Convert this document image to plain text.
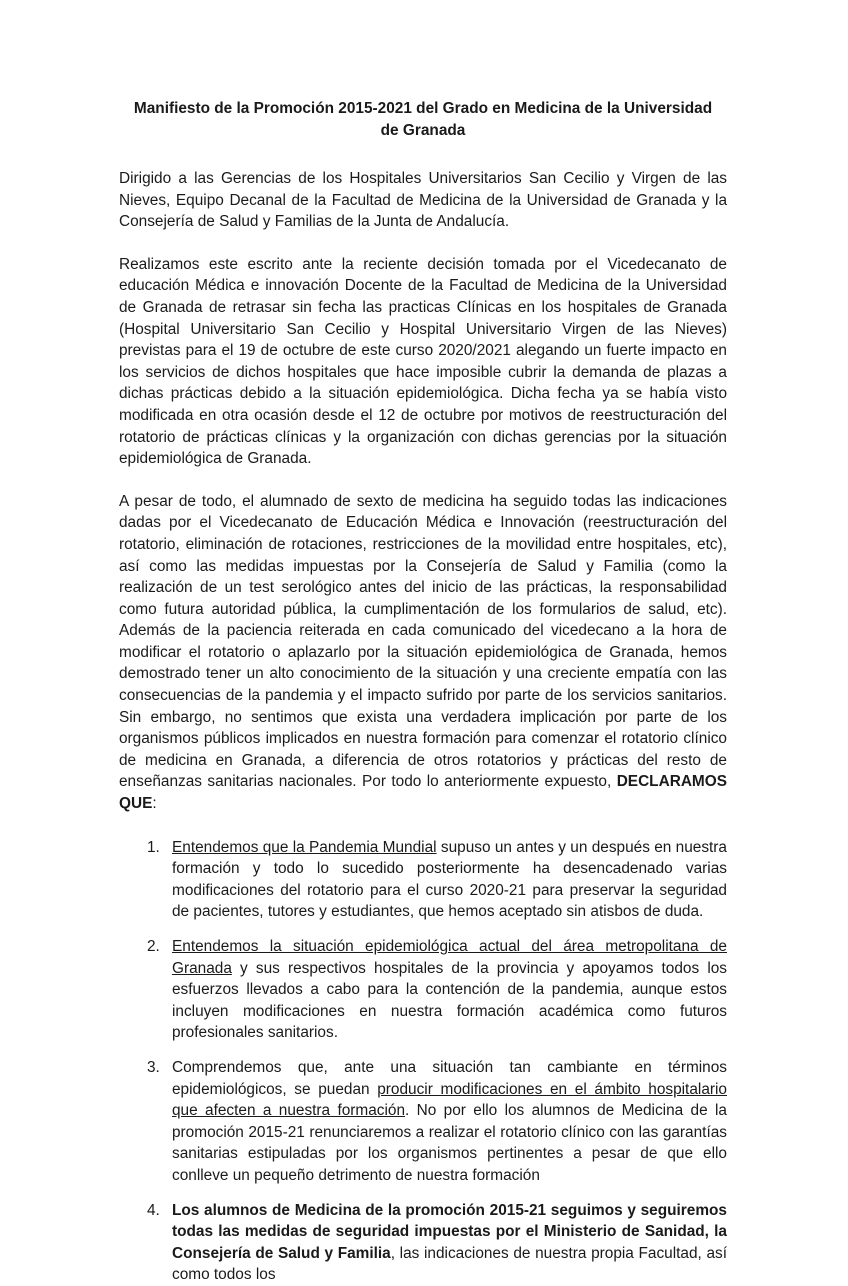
Manifiesto de la Promoción 2015-2021 del Grado en Medicina de la Universidad de Granada

Dirigido a las Gerencias de los Hospitales Universitarios San Cecilio y Virgen de las Nieves, Equipo Decanal de la Facultad de Medicina de la Universidad de Granada y la Consejería de Salud y Familias de la Junta de Andalucía.

Realizamos este escrito ante la reciente decisión tomada por el Vicedecanato de educación Médica e innovación Docente de la Facultad de Medicina de la Universidad de Granada de retrasar sin fecha las practicas Clínicas en los hospitales de Granada (Hospital Universitario San Cecilio y Hospital Universitario Virgen de las Nieves) previstas para el 19 de octubre de este curso 2020/2021 alegando un fuerte impacto en los servicios de dichos hospitales que hace imposible cubrir la demanda de plazas a dichas prácticas debido a la situación epidemiológica. Dicha fecha ya se había visto modificada en otra ocasión desde el 12 de octubre por motivos de reestructuración del rotatorio de prácticas clínicas y la organización con dichas gerencias por la situación epidemiológica de Granada.

A pesar de todo, el alumnado de sexto de medicina ha seguido todas las indicaciones dadas por el Vicedecanato de Educación Médica e Innovación (reestructuración del rotatorio, eliminación de rotaciones, restricciones de la movilidad entre hospitales, etc), así como las medidas impuestas por la Consejería de Salud y Familia (como la realización de un test serológico antes del inicio de las prácticas, la responsabilidad como futura autoridad pública, la cumplimentación de los formularios de salud, etc). Además de la paciencia reiterada en cada comunicado del vicedecano a la hora de modificar el rotatorio o aplazarlo por la situación epidemiológica de Granada, hemos demostrado tener un alto conocimiento de la situación y una creciente empatía con las consecuencias de la pandemia y el impacto sufrido por parte de los servicios sanitarios. Sin embargo, no sentimos que exista una verdadera implicación por parte de los organismos públicos implicados en nuestra formación para comenzar el rotatorio clínico de medicina en Granada, a diferencia de otros rotatorios y prácticas del resto de enseñanzas sanitarias nacionales. Por todo lo anteriormente expuesto, DECLARAMOS QUE:

1. Entendemos que la Pandemia Mundial supuso un antes y un después en nuestra formación y todo lo sucedido posteriormente ha desencadenado varias modificaciones del rotatorio para el curso 2020-21 para preservar la seguridad de pacientes, tutores y estudiantes, que hemos aceptado sin atisbos de duda.
2. Entendemos la situación epidemiológica actual del área metropolitana de Granada y sus respectivos hospitales de la provincia y apoyamos todos los esfuerzos llevados a cabo para la contención de la pandemia, aunque estos incluyen modificaciones en nuestra formación académica como futuros profesionales sanitarios.
3. Comprendemos que, ante una situación tan cambiante en términos epidemiológicos, se puedan producir modificaciones en el ámbito hospitalario que afecten a nuestra formación. No por ello los alumnos de Medicina de la promoción 2015-21 renunciaremos a realizar el rotatorio clínico con las garantías sanitarias estipuladas por los organismos pertinentes a pesar de que ello conlleve un pequeño detrimento de nuestra formación
4. Los alumnos de Medicina de la promoción 2015-21 seguimos y seguiremos todas las medidas de seguridad impuestas por el Ministerio de Sanidad, la Consejería de Salud y Familia, las indicaciones de nuestra propia Facultad, así como todos los
